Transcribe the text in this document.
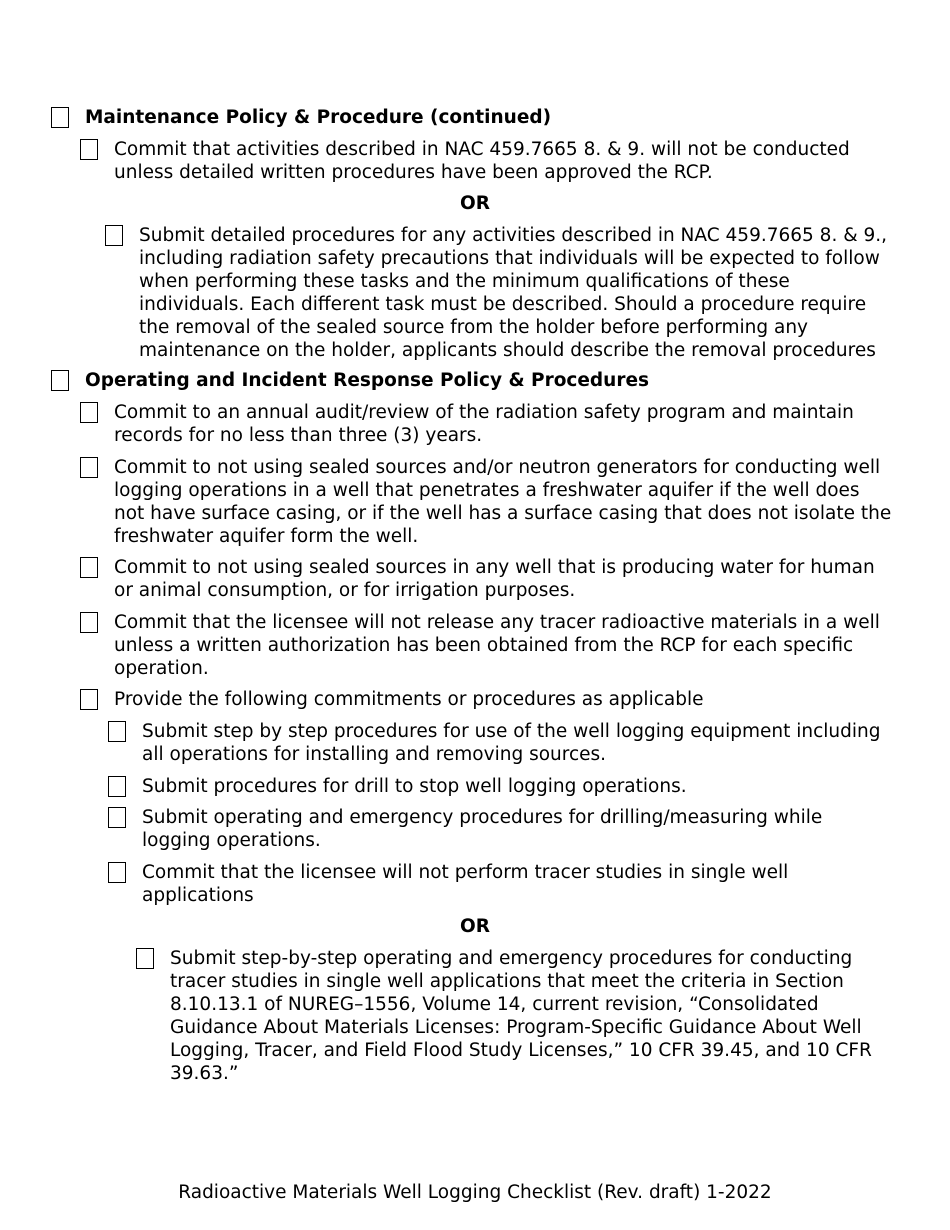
Maintenance Policy & Procedure (continued)
Commit that activities described in NAC 459.7665 8. & 9. will not be conducted unless detailed written procedures have been approved the RCP.
OR
Submit detailed procedures for any activities described in NAC 459.7665 8. & 9., including radiation safety precautions that individuals will be expected to follow when performing these tasks and the minimum qualifications of these individuals. Each different task must be described. Should a procedure require the removal of the sealed source from the holder before performing any maintenance on the holder, applicants should describe the removal procedures
Operating and Incident Response Policy & Procedures
Commit to an annual audit/review of the radiation safety program and maintain records for no less than three (3) years.
Commit to not using sealed sources and/or neutron generators for conducting well logging operations in a well that penetrates a freshwater aquifer if the well does not have surface casing, or if the well has a surface casing that does not isolate the freshwater aquifer form the well.
Commit to not using sealed sources in any well that is producing water for human or animal consumption, or for irrigation purposes.
Commit that the licensee will not release any tracer radioactive materials in a well unless a written authorization has been obtained from the RCP for each specific operation.
Provide the following commitments or procedures as applicable
Submit step by step procedures for use of the well logging equipment including all operations for installing and removing sources.
Submit procedures for drill to stop well logging operations.
Submit operating and emergency procedures for drilling/measuring while logging operations.
Commit that the licensee will not perform tracer studies in single well applications
OR
Submit step-by-step operating and emergency procedures for conducting tracer studies in single well applications that meet the criteria in Section 8.10.13.1 of NUREG–1556, Volume 14, current revision, “Consolidated Guidance About Materials Licenses: Program-Specific Guidance About Well Logging, Tracer, and Field Flood Study Licenses,” 10 CFR 39.45, and 10 CFR 39.63.”
Radioactive Materials Well Logging Checklist (Rev. draft) 1-2022
